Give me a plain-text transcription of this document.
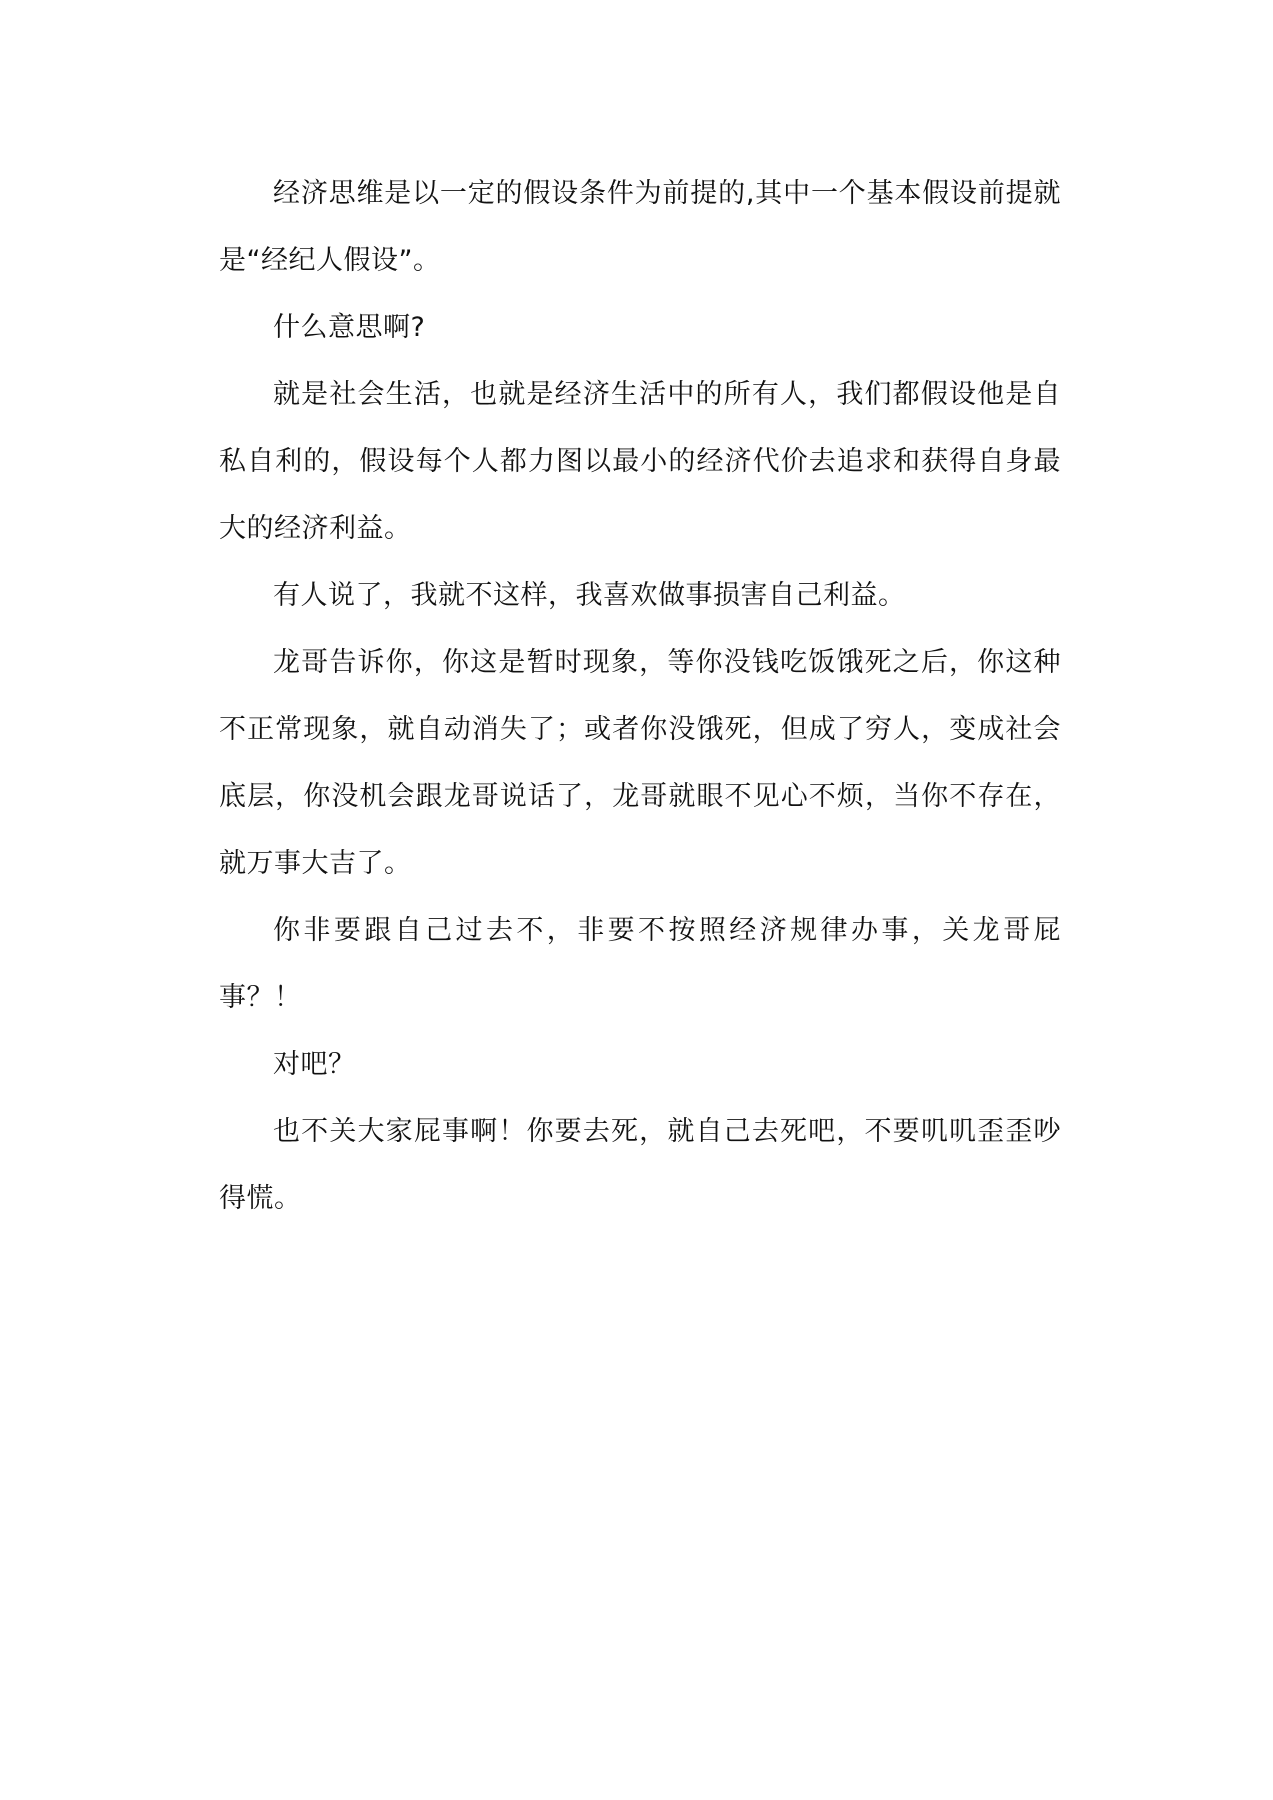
经济思维是以一定的假设条件为前提的,其中一个基本假设前提就是“经纪人假设”。

什么意思啊?

就是社会生活，也就是经济生活中的所有人，我们都假设他是自私自利的，假设每个人都力图以最小的经济代价去追求和获得自身最大的经济利益。

有人说了，我就不这样，我喜欢做事损害自己利益。

龙哥告诉你，你这是暂时现象，等你没钱吃饭饿死之后，你这种不正常现象，就自动消失了；或者你没饿死，但成了穷人，变成社会底层，你没机会跟龙哥说话了，龙哥就眼不见心不烦，当你不存在，就万事大吉了。

你非要跟自己过去不，非要不按照经济规律办事，关龙哥屁事？！

对吧？

也不关大家屁事啊！你要去死，就自己去死吧，不要叽叽歪歪吵得慌。
